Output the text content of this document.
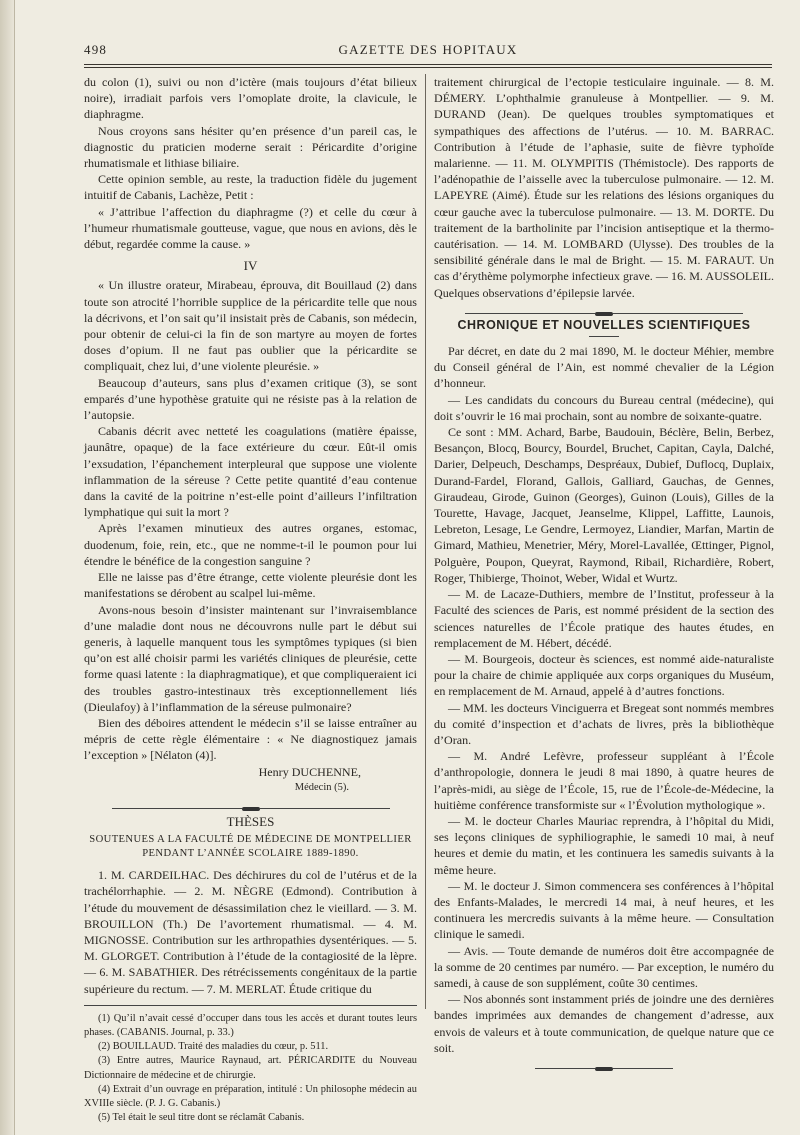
498	GAZETTE DES HOPITAUX

du colon (1), suivi ou non d’ictère (mais toujours d’état bilieux noire), irradiait parfois vers l’omoplate droite, la clavicule, le diaphragme.

Nous croyons sans hésiter qu’en présence d’un pareil cas, le diagnostic du praticien moderne serait : Péricardite d’origine rhumatismale et lithiase biliaire.

Cette opinion semble, au reste, la traduction fidèle du jugement intuitif de Cabanis, Lachèze, Petit :

« J’attribue l’affection du diaphragme (?) et celle du cœur à l’humeur rhumatismale goutteuse, vague, que nous en avions, dès le début, regardée comme la cause. »

IV

« Un illustre orateur, Mirabeau, éprouva, dit Bouillaud (2) dans toute son atrocité l’horrible supplice de la péricardite telle que nous la décrivons, et l’on sait qu’il insistait près de Cabanis, son médecin, pour obtenir de celui-ci la fin de son martyre au moyen de fortes doses d’opium. Il ne faut pas oublier que la péricardite se compliquait, chez lui, d’une violente pleurésie. »

Beaucoup d’auteurs, sans plus d’examen critique (3), se sont emparés d’une hypothèse gratuite qui ne résiste pas à la relation de l’autopsie.

Cabanis décrit avec netteté les coagulations (matière épaisse, jaunâtre, opaque) de la face extérieure du cœur. Eût-il omis l’exsudation, l’épanchement interpleural que suppose une violente inflammation de la séreuse ? Cette petite quantité d’eau contenue dans la cavité de la poitrine n’est-elle point d’ailleurs l’infiltration lymphatique qui suit la mort ?

Après l’examen minutieux des autres organes, estomac, duodenum, foie, rein, etc., que ne nomme-t-il le poumon pour lui étendre le bénéfice de la congestion sanguine ?

Elle ne laisse pas d’être étrange, cette violente pleurésie dont les manifestations se dérobent au scalpel lui-même.

Avons-nous besoin d’insister maintenant sur l’invraisemblance d’une maladie dont nous ne découvrons nulle part le début sui generis, à laquelle manquent tous les symptômes typiques (si bien qu’on est allé choisir parmi les variétés cliniques de pleurésie, cette forme quasi latente : la diaphragmatique), et que compliqueraient ici des troubles gastro-intestinaux très exceptionnellement liés (Dieulafoy) à l’inflammation de la séreuse pulmonaire?

Bien des déboires attendent le médecin s’il se laisse entraîner au mépris de cette règle élémentaire : « Ne diagnostiquez jamais l’exception » [Nélaton (4)].

Henry DUCHENNE,

Médecin (5).

THÈSES

SOUTENUES A LA FACULTÉ DE MÉDECINE DE MONTPELLIER

PENDANT L’ANNÉE SCOLAIRE 1889-1890.

1. M. CARDEILHAC. Des déchirures du col de l’utérus et de la trachélorrhaphie. — 2. M. NÈGRE (Edmond). Contribution à l’étude du mouvement de désassimilation chez le vieillard. — 3. M. BROUILLON (Th.) De l’avortement rhumatismal. — 4. M. MIGNOSSE. Contribution sur les arthropathies dysentériques. — 5. M. GLORGET. Contribution à l’étude de la contagiosité de la lèpre. — 6. M. SABATHIER. Des rétrécissements congénitaux de la partie supérieure du rectum. — 7. M. MERLAT. Étude critique du

(1) Qu’il n’avait cessé d’occuper dans tous les accès et durant toutes leurs phases. (CABANIS. Journal, p. 33.)

(2) BOUILLAUD. Traité des maladies du cœur, p. 511.

(3) Entre autres, Maurice Raynaud, art. PÉRICARDITE du Nouveau Dictionnaire de médecine et de chirurgie.

(4) Extrait d’un ouvrage en préparation, intitulé : Un philosophe médecin au XVIIIe siècle. (P. J. G. Cabanis.)

(5) Tel était le seul titre dont se réclamât Cabanis.

traitement chirurgical de l’ectopie testiculaire inguinale. — 8. M. DÉMERY. L’ophthalmie granuleuse à Montpellier. — 9. M. DURAND (Jean). De quelques troubles symptomatiques et sympathiques des affections de l’utérus. — 10. M. BARRAC. Contribution à l’étude de l’aphasie, suite de fièvre typhoïde malarienne. — 11. M. OLYMPITIS (Thémistocle). Des rapports de l’adénopathie de l’aisselle avec la tuberculose pulmonaire. — 12. M. LAPEYRE (Aimé). Étude sur les relations des lésions organiques du cœur gauche avec la tuberculose pulmonaire. — 13. M. DORTE. Du traitement de la bartholinite par l’incision antiseptique et la thermo-cautérisation. — 14. M. LOMBARD (Ulysse). Des troubles de la sensibilité générale dans le mal de Bright. — 15. M. FARAUT. Un cas d’érythème polymorphe infectieux grave. — 16. M. AUSSOLEIL. Quelques observations d’épilepsie larvée.

CHRONIQUE ET NOUVELLES SCIENTIFIQUES

Par décret, en date du 2 mai 1890, M. le docteur Méhier, membre du Conseil général de l’Ain, est nommé chevalier de la Légion d’honneur.

— Les candidats du concours du Bureau central (médecine), qui doit s’ouvrir le 16 mai prochain, sont au nombre de soixante-quatre.

Ce sont : MM. Achard, Barbe, Baudouin, Béclère, Belin, Berbez, Besançon, Blocq, Bourcy, Bourdel, Bruchet, Capitan, Cayla, Dalché, Darier, Delpeuch, Deschamps, Despréaux, Dubief, Duflocq, Duplaix, Durand-Fardel, Florand, Gallois, Galliard, Gauchas, de Gennes, Giraudeau, Girode, Guinon (Georges), Guinon (Louis), Gilles de la Tourette, Havage, Jacquet, Jeanselme, Klippel, Laffitte, Launois, Lebreton, Lesage, Le Gendre, Lermoyez, Liandier, Marfan, Martin de Gimard, Mathieu, Menetrier, Méry, Morel-Lavallée, Œttinger, Pignol, Polguère, Poupon, Queyrat, Raymond, Ribail, Richardière, Robert, Roger, Thibierge, Thoinot, Weber, Widal et Wurtz.

— M. de Lacaze-Duthiers, membre de l’Institut, professeur à la Faculté des sciences de Paris, est nommé président de la section des sciences naturelles de l’École pratique des hautes études, en remplacement de M. Hébert, décédé.

— M. Bourgeois, docteur ès sciences, est nommé aide-naturaliste pour la chaire de chimie appliquée aux corps organiques du Muséum, en remplacement de M. Arnaud, appelé à d’autres fonctions.

— MM. les docteurs Vinciguerra et Bregeat sont nommés membres du comité d’inspection et d’achats de livres, près la bibliothèque d’Oran.

— M. André Lefèvre, professeur suppléant à l’École d’anthropologie, donnera le jeudi 8 mai 1890, à quatre heures de l’après-midi, au siège de l’École, 15, rue de l’École-de-Médecine, la huitième conférence transformiste sur « l’Évolution mythologique ».

— M. le docteur Charles Mauriac reprendra, à l’hôpital du Midi, ses leçons cliniques de syphiliographie, le samedi 10 mai, à neuf heures et demie du matin, et les continuera les samedis suivants à la même heure.

— M. le docteur J. Simon commencera ses conférences à l’hôpital des Enfants-Malades, le mercredi 14 mai, à neuf heures, et les continuera les mercredis suivants à la même heure. — Consultation clinique le samedi.

— Avis. — Toute demande de numéros doit être accompagnée de la somme de 20 centimes par numéro. — Par exception, le numéro du samedi, à cause de son supplément, coûte 30 centimes.

— Nos abonnés sont instamment priés de joindre une des dernières bandes imprimées aux demandes de changement d’adresse, aux envois de valeurs et à toute communication, de quelque nature que ce soit.
